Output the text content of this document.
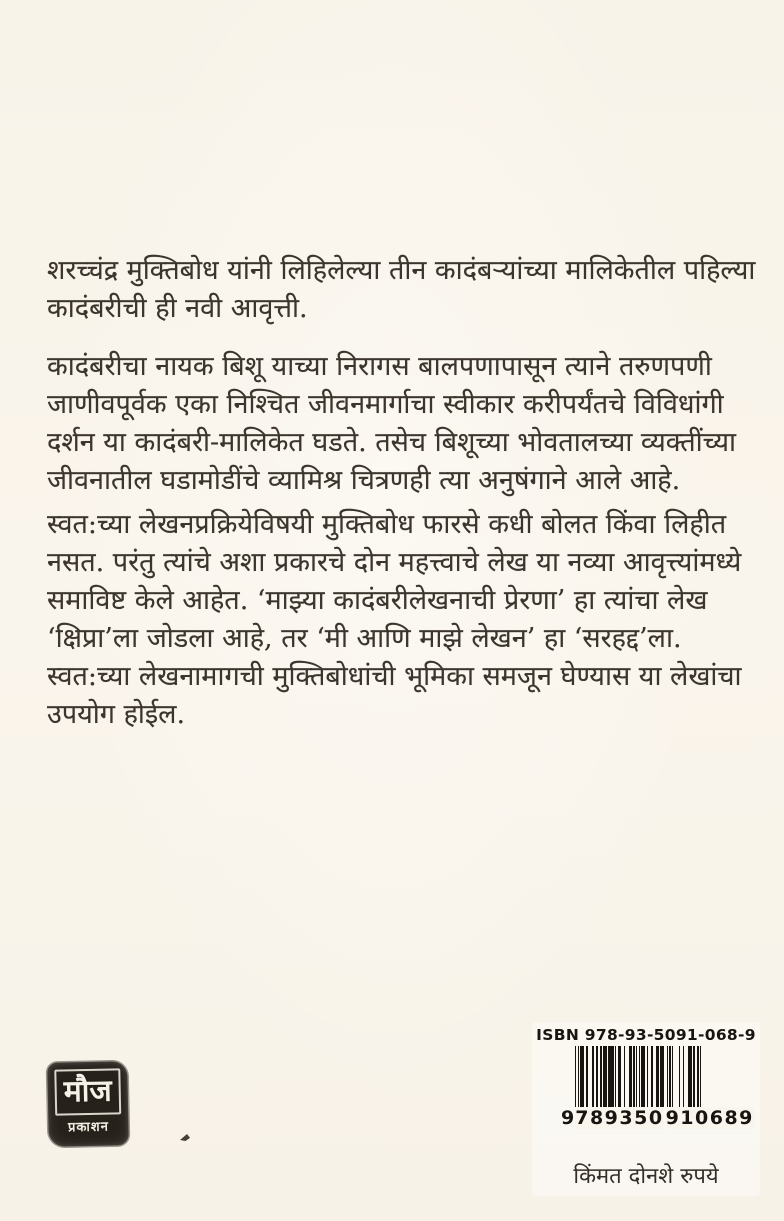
शरच्चंद्र मुक्तिबोध यांनी लिहिलेल्या तीन कादंबऱ्यांच्या मालिकेतील पहिल्या
कादंबरीची ही नवी आवृत्ती.

कादंबरीचा नायक बिशू याच्या निरागस बालपणापासून त्याने तरुणपणी
जाणीवपूर्वक एका निश्चित जीवनमार्गाचा स्वीकार करीपर्यंतचे विविधांगी
दर्शन या कादंबरी-मालिकेत घडते. तसेच बिशूच्या भोवतालच्या व्यक्तींच्या
जीवनातील घडामोडींचे व्यामिश्र चित्रणही त्या अनुषंगाने आले आहे.

स्वत:च्या लेखनप्रक्रियेविषयी मुक्तिबोध फारसे कधी बोलत किंवा लिहीत
नसत. परंतु त्यांचे अशा प्रकारचे दोन महत्त्वाचे लेख या नव्या आवृत्त्यांमध्ये
समाविष्ट केले आहेत. ‘माझ्या कादंबरीलेखनाची प्रेरणा’ हा त्यांचा लेख
‘क्षिप्रा’ला जोडला आहे, तर ‘मी आणि माझे लेखन’ हा ‘सरहद्द’ला.
स्वत:च्या लेखनामागची मुक्तिबोधांची भूमिका समजून घेण्यास या लेखांचा
उपयोग होईल.

मौज
प्रकाशन
ISBN 978-93-5091-068-9
9 789350 910689
किंमत दोनशे रुपये
